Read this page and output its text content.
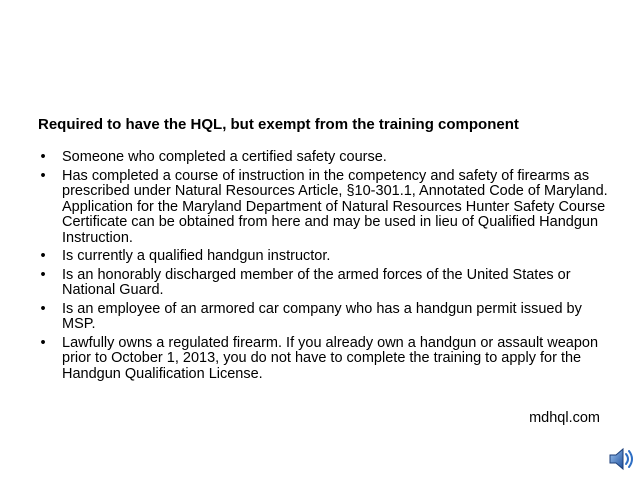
Required to have the HQL, but exempt from the training component
• Someone who completed a certified safety course.
• Has completed a course of instruction in the competency and safety of firearms as prescribed under Natural Resources Article, §10-301.1, Annotated Code of Maryland. Application for the Maryland Department of Natural Resources Hunter Safety Course Certificate can be obtained from here and may be used in lieu of Qualified Handgun Instruction.
• Is currently a qualified handgun instructor.
• Is an honorably discharged member of the armed forces of the United States or National Guard.
• Is an employee of an armored car company who has a handgun permit issued by MSP.
• Lawfully owns a regulated firearm. If you already own a handgun or assault weapon prior to October 1, 2013, you do not have to complete the training to apply for the Handgun Qualification License.
mdhql.com
